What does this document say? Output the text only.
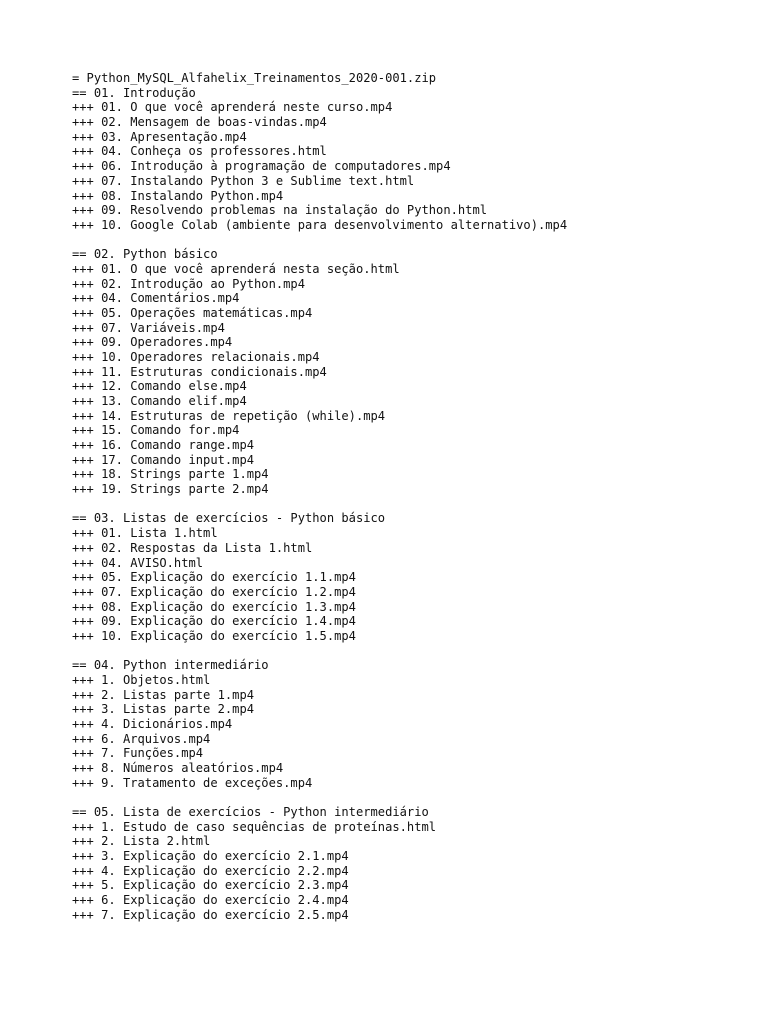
= Python_MySQL_Alfahelix_Treinamentos_2020-001.zip
== 01. Introdução
+++ 01. O que você aprenderá neste curso.mp4
+++ 02. Mensagem de boas-vindas.mp4
+++ 03. Apresentação.mp4
+++ 04. Conheça os professores.html
+++ 06. Introdução à programação de computadores.mp4
+++ 07. Instalando Python 3 e Sublime text.html
+++ 08. Instalando Python.mp4
+++ 09. Resolvendo problemas na instalação do Python.html
+++ 10. Google Colab (ambiente para desenvolvimento alternativo).mp4
== 02. Python básico
+++ 01. O que você aprenderá nesta seção.html
+++ 02. Introdução ao Python.mp4
+++ 04. Comentários.mp4
+++ 05. Operações matemáticas.mp4
+++ 07. Variáveis.mp4
+++ 09. Operadores.mp4
+++ 10. Operadores relacionais.mp4
+++ 11. Estruturas condicionais.mp4
+++ 12. Comando else.mp4
+++ 13. Comando elif.mp4
+++ 14. Estruturas de repetição (while).mp4
+++ 15. Comando for.mp4
+++ 16. Comando range.mp4
+++ 17. Comando input.mp4
+++ 18. Strings parte 1.mp4
+++ 19. Strings parte 2.mp4
== 03. Listas de exercícios - Python básico
+++ 01. Lista 1.html
+++ 02. Respostas da Lista 1.html
+++ 04. AVISO.html
+++ 05. Explicação do exercício 1.1.mp4
+++ 07. Explicação do exercício 1.2.mp4
+++ 08. Explicação do exercício 1.3.mp4
+++ 09. Explicação do exercício 1.4.mp4
+++ 10. Explicação do exercício 1.5.mp4
== 04. Python intermediário
+++ 1. Objetos.html
+++ 2. Listas parte 1.mp4
+++ 3. Listas parte 2.mp4
+++ 4. Dicionários.mp4
+++ 6. Arquivos.mp4
+++ 7. Funções.mp4
+++ 8. Números aleatórios.mp4
+++ 9. Tratamento de exceções.mp4
== 05. Lista de exercícios - Python intermediário
+++ 1. Estudo de caso sequências de proteínas.html
+++ 2. Lista 2.html
+++ 3. Explicação do exercício 2.1.mp4
+++ 4. Explicação do exercício 2.2.mp4
+++ 5. Explicação do exercício 2.3.mp4
+++ 6. Explicação do exercício 2.4.mp4
+++ 7. Explicação do exercício 2.5.mp4
